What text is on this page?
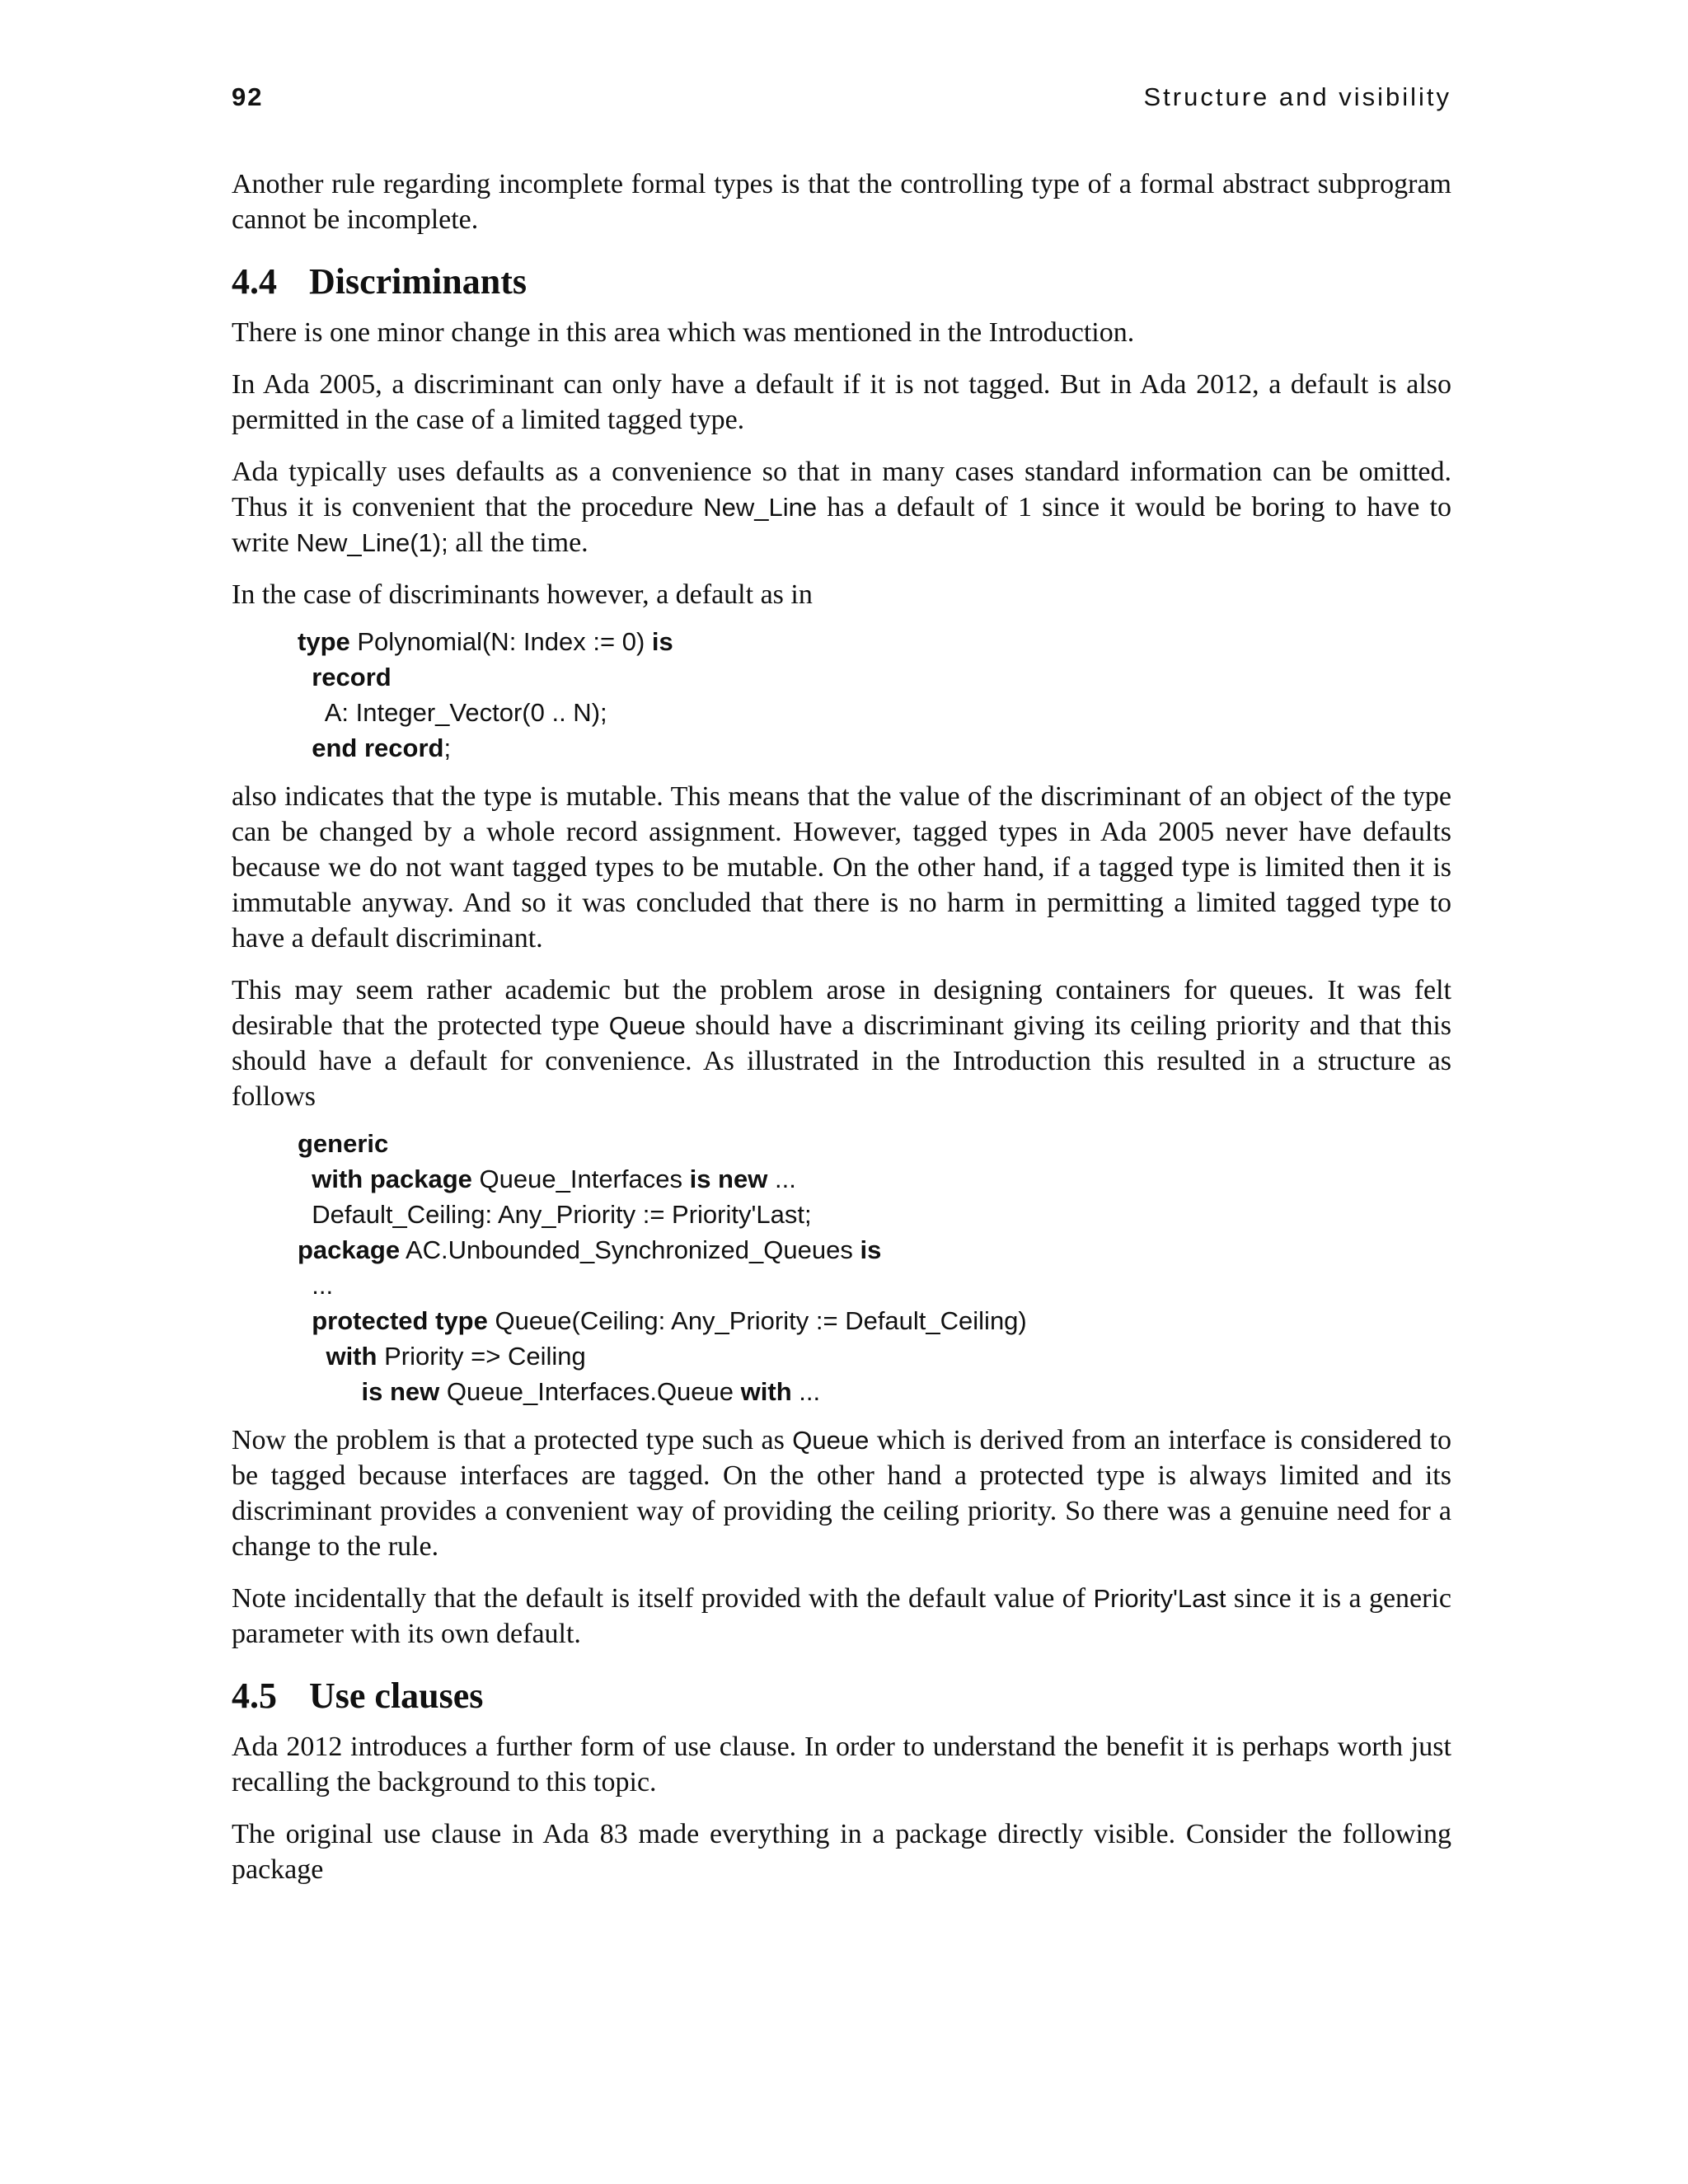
92	Structure and visibility

Another rule regarding incomplete formal types is that the controlling type of a formal abstract subprogram cannot be incomplete.

4.4 Discriminants

There is one minor change in this area which was mentioned in the Introduction.

In Ada 2005, a discriminant can only have a default if it is not tagged. But in Ada 2012, a default is also permitted in the case of a limited tagged type.

Ada typically uses defaults as a convenience so that in many cases standard information can be omitted. Thus it is convenient that the procedure New_Line has a default of 1 since it would be boring to have to write New_Line(1); all the time.

In the case of discriminants however, a default as in

type Polynomial(N: Index := 0) is
record
A: Integer_Vector(0 .. N);
end record;

also indicates that the type is mutable. This means that the value of the discriminant of an object of the type can be changed by a whole record assignment. However, tagged types in Ada 2005 never have defaults because we do not want tagged types to be mutable. On the other hand, if a tagged type is limited then it is immutable anyway. And so it was concluded that there is no harm in permitting a limited tagged type to have a default discriminant.

This may seem rather academic but the problem arose in designing containers for queues. It was felt desirable that the protected type Queue should have a discriminant giving its ceiling priority and that this should have a default for convenience. As illustrated in the Introduction this resulted in a structure as follows

generic
with package Queue_Interfaces is new ...
Default_Ceiling: Any_Priority := Priority'Last;
package AC.Unbounded_Synchronized_Queues is
...
protected type Queue(Ceiling: Any_Priority := Default_Ceiling)
with Priority => Ceiling
is new Queue_Interfaces.Queue with ...

Now the problem is that a protected type such as Queue which is derived from an interface is considered to be tagged because interfaces are tagged. On the other hand a protected type is always limited and its discriminant provides a convenient way of providing the ceiling priority. So there was a genuine need for a change to the rule.

Note incidentally that the default is itself provided with the default value of Priority'Last since it is a generic parameter with its own default.

4.5 Use clauses

Ada 2012 introduces a further form of use clause. In order to understand the benefit it is perhaps worth just recalling the background to this topic.

The original use clause in Ada 83 made everything in a package directly visible. Consider the following package
